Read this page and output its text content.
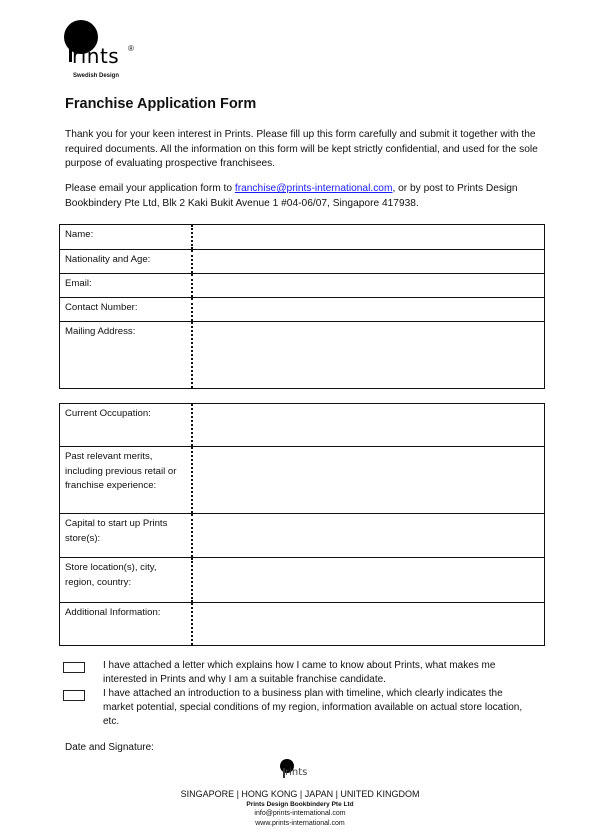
rints ®
Swedish Design
Franchise Application Form
Thank you for your keen interest in Prints. Please fill up this form carefully and submit it together with the required documents. All the information on this form will be kept strictly confidential, and used for the sole purpose of evaluating prospective franchisees.
Please email your application form to franchise@prints-international.com, or by post to Prints Design Bookbindery Pte Ltd, Blk 2 Kaki Bukit Avenue 1 #04-06/07, Singapore 417938.
Name:
Nationality and Age:
Email:
Contact Number:
Mailing Address:
Current Occupation:
Past relevant merits, including previous retail or franchise experience:
Capital to start up Prints store(s):
Store location(s), city, region, country:
Additional Information:
I have attached a letter which explains how I came to know about Prints, what makes me interested in Prints and why I am a suitable franchise candidate.
I have attached an introduction to a business plan with timeline, which clearly indicates the market potential, special conditions of my region, information available on actual store location, etc.
Date and Signature:
rints
SINGAPORE | HONG KONG | JAPAN | UNITED KINGDOM
Prints Design Bookbindery Pte Ltd
info@prints-international.com
www.prints-international.com
